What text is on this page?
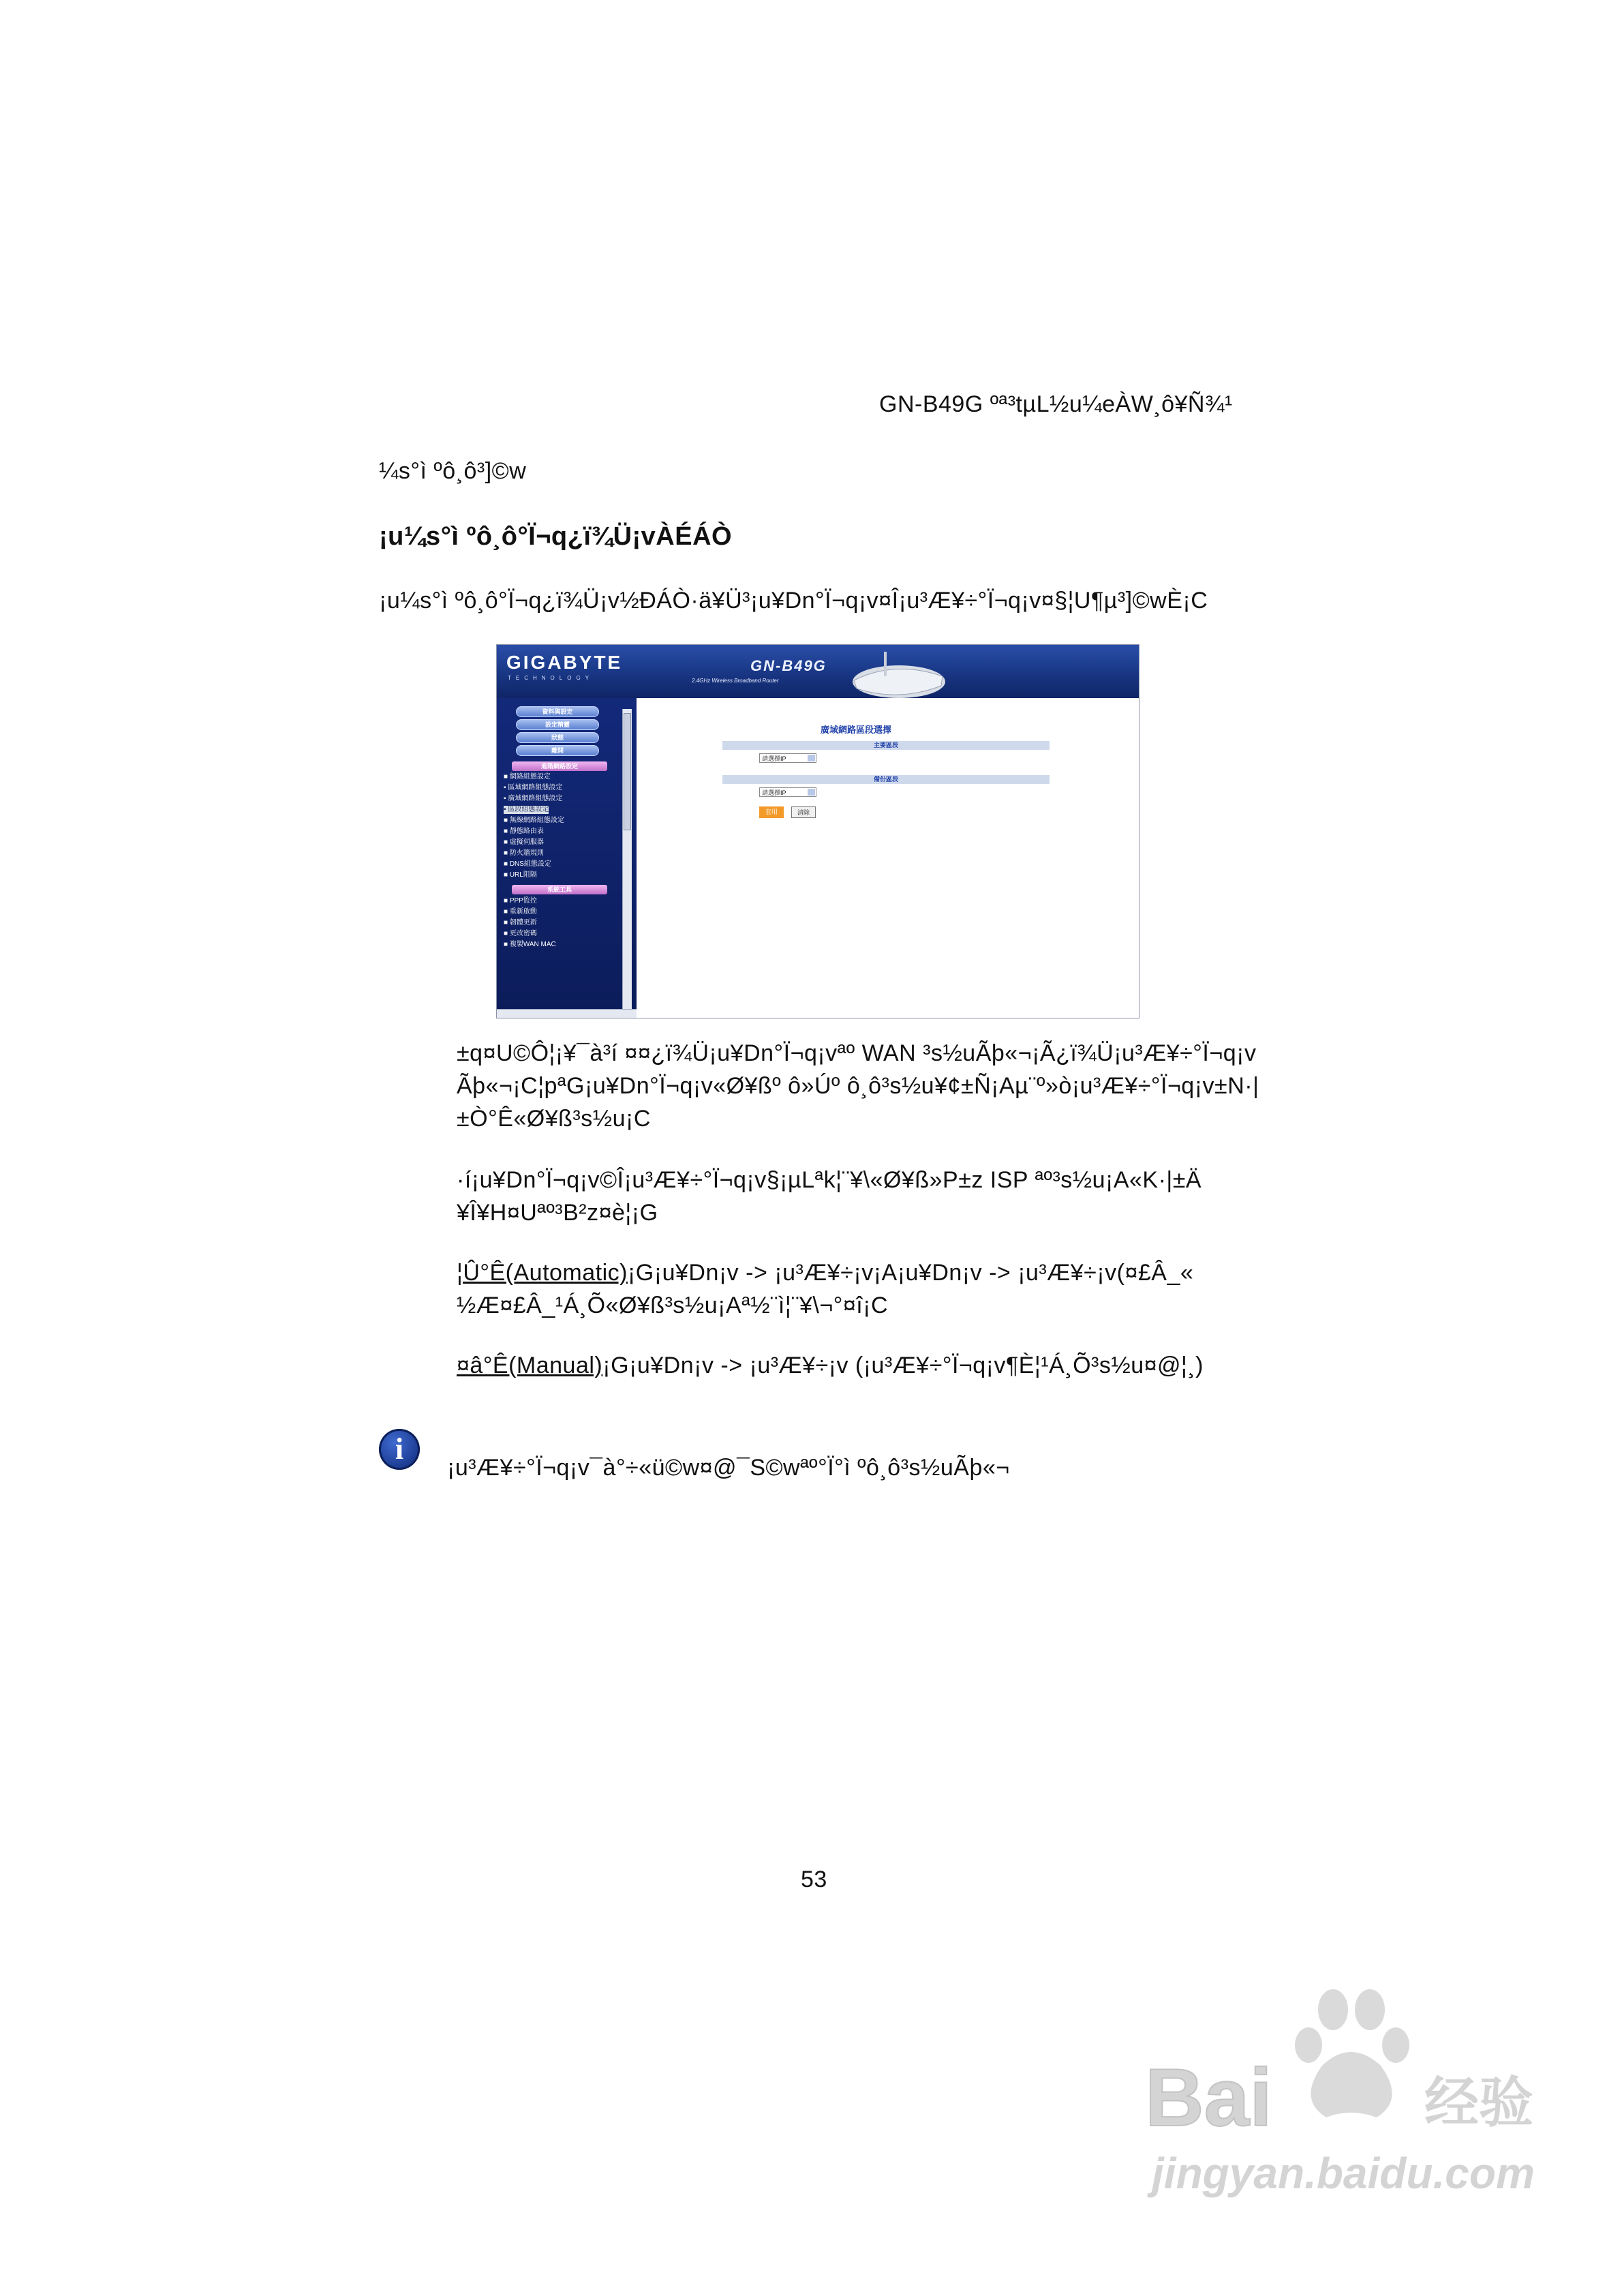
GN-B49G ºª³tµL½u¼eÀW¸ô¥Ñ¾¹
¼s°ì ºô¸ô³]©w
¡u¼s°ì ºô¸ô°Ï¬q¿ï¾Ü¡vÀÉÁÒ
¡u¼s°ì ºô¸ô°Ï¬q¿ï¾Ü¡v½ÐÁÒ·ä¥Ü³¡u¥Dn°Ï¬q¡v¤Î¡u³Æ¥÷°Ï¬q¡v¤§¦U¶µ³]©wÈ¡C
GIGABYTE
TECHNOLOGY
GN-B49G
2.4GHz Wireless Broadband Router
資料與設定
設定精靈
狀態
離開
進階網路設定
■ 網路組態設定
▪ 區域網路組態設定
▪ 廣域網路組態設定
▪ 區段組態設定
■ 無線網路組態設定
■ 靜態路由表
■ 虛擬伺服器
■ 防火牆規則
■ DNS組態設定
■ URL阻隔
系統工具
■ PPP監控
■ 重新啟動
■ 韌體更新
■ 更改密碼
■ 複製WAN MAC
廣域網路區段選擇
主要區段
請選擇IP
備份區段
請選擇IP
套用	清除
±q¤U©Ô¦¡¥¯à³í ¤¤¿ï¾Ü¡u¥Dn°Ï¬q¡vªº WAN ³s½uÃþ«¬¡Ã¿ï¾Ü¡u³Æ¥÷°Ï¬q¡v
Ãþ«¬¡C¦pªG¡u¥Dn°Ï¬q¡v«Ø¥ßº ô»Úº ô¸ô³s½u¥¢±Ñ¡Aµ¨º»ò¡u³Æ¥÷°Ï¬q¡v±N·|
±Ò°Ê«Ø¥ß³s½u¡C
·í¡u¥Dn°Ï¬q¡v©Î¡u³Æ¥÷°Ï¬q¡v§¡µLªk¦¨¥\«Ø¥ß»P±z ISP ªº³s½u¡A«K·|±Ä
¥Î¥H¤Uªº³B²z¤è¦¡G
¦Û°Ê(Automatic)¡G¡u¥Dn¡v -> ¡u³Æ¥÷¡v¡A¡u¥Dn¡v -> ¡u³Æ¥÷¡v(¤£Â_«
½Æ¤£Â_¹Á¸Õ«Ø¥ß³s½u¡Aª½¨ì¦¨¥\¬°¤î¡C
¤â°Ê(Manual)¡G¡u¥Dn¡v -> ¡u³Æ¥÷¡v (¡u³Æ¥÷°Ï¬q¡v¶È¦¹Á¸Õ³s½u¤@¦¸)
i
¡u³Æ¥÷°Ï¬q¡v¯à°÷«ü©w¤@¯S©wªº°Ï°ì ºô¸ô³s½uÃþ«¬
53
Bai	经验
jingyan.baidu.com
